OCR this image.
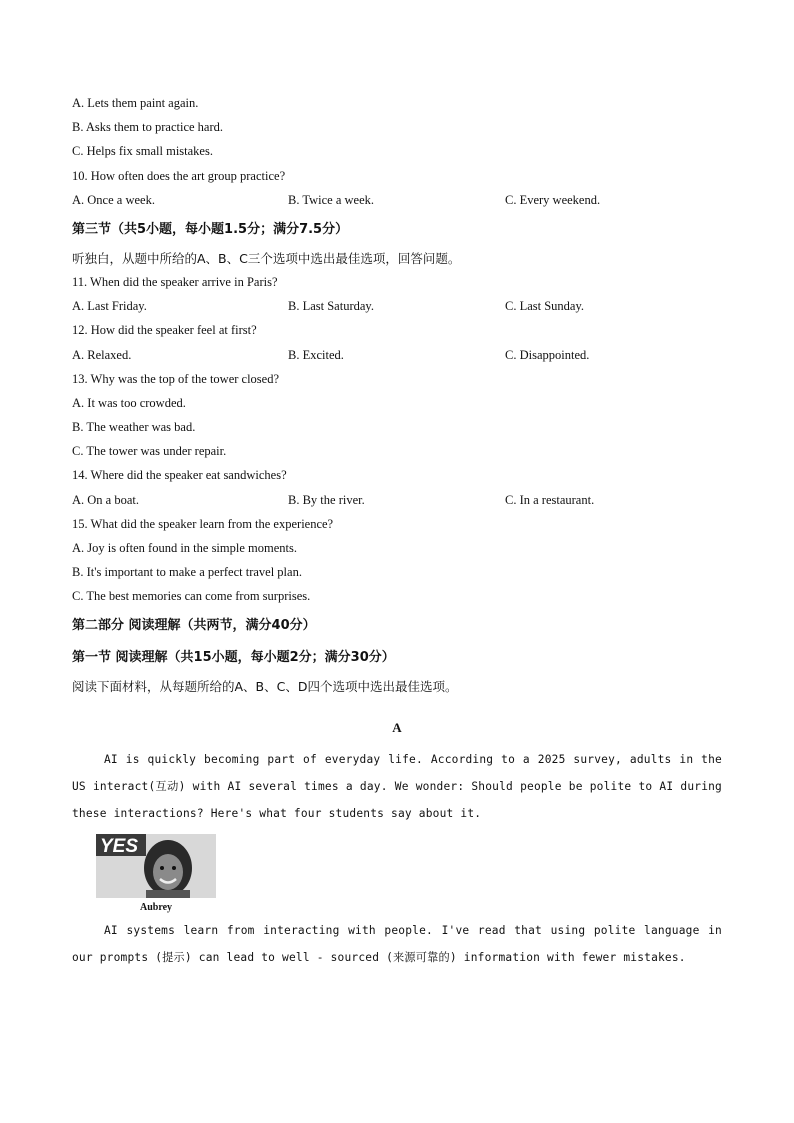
A. Lets them paint again.
B. Asks them to practice hard.
C. Helps fix small mistakes.
10. How often does the art group practice?
A. Once a week.	B. Twice a week.	C. Every weekend.
第三节（共5小题，每小题1.5分；满分7.5分）
听独白，从题中所给的A、B、C三个选项中选出最佳选项，回答问题。
11. When did the speaker arrive in Paris?
A. Last Friday.	B. Last Saturday.	C. Last Sunday.
12. How did the speaker feel at first?
A. Relaxed.	B. Excited.	C. Disappointed.
13. Why was the top of the tower closed?
A. It was too crowded.
B. The weather was bad.
C. The tower was under repair.
14. Where did the speaker eat sandwiches?
A. On a boat.	B. By the river.	C. In a restaurant.
15. What did the speaker learn from the experience?
A. Joy is often found in the simple moments.
B. It's important to make a perfect travel plan.
C. The best memories can come from surprises.
第二部分 阅读理解（共两节，满分40分）
第一节 阅读理解（共15小题，每小题2分；满分30分）
阅读下面材料，从每题所给的A、B、C、D四个选项中选出最佳选项。
A
AI is quickly becoming part of everyday life. According to a 2025 survey, adults in the US interact(互动) with AI several times a day. We wonder: Should people be polite to AI during these interactions? Here's what four students say about it.
YES
Aubrey
AI systems learn from interacting with people. I've read that using polite language in our prompts (提示) can lead to well - sourced (来源可靠的) information with fewer mistakes.
